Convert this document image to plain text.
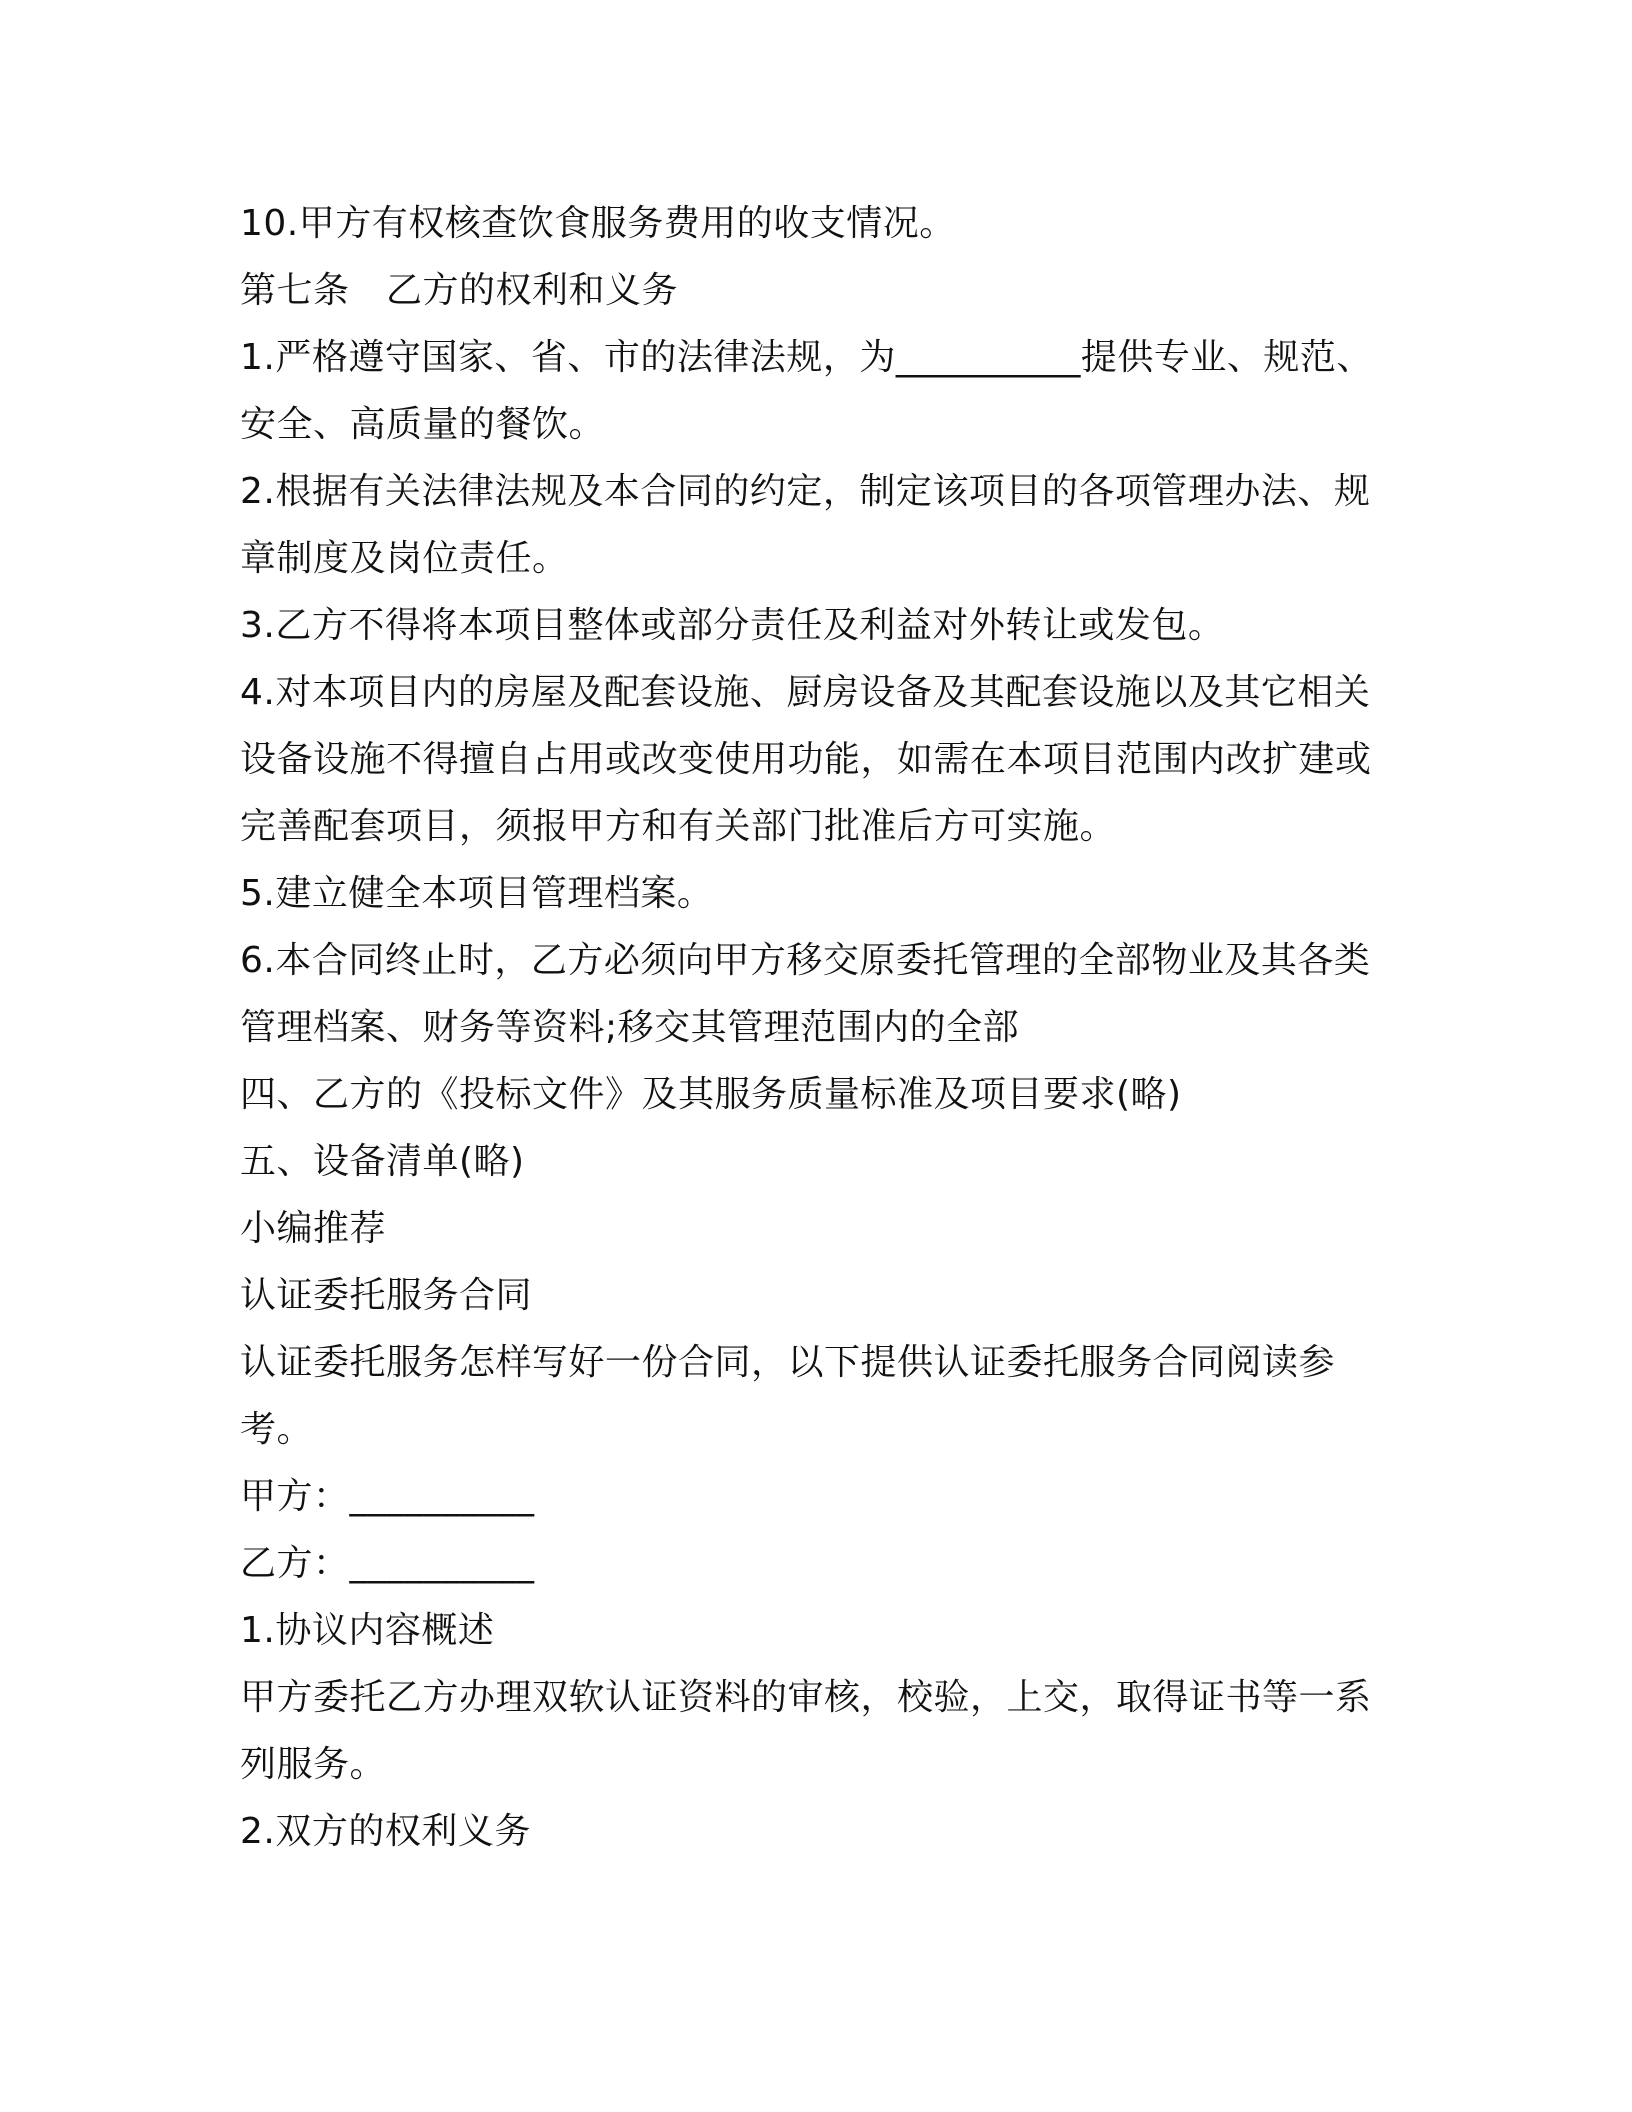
10.甲方有权核查饮食服务费用的收支情况。

第七条　乙方的权利和义务

1.严格遵守国家、省、市的法律法规，为__________提供专业、规范、安全、高质量的餐饮。

2.根据有关法律法规及本合同的约定，制定该项目的各项管理办法、规章制度及岗位责任。

3.乙方不得将本项目整体或部分责任及利益对外转让或发包。

4.对本项目内的房屋及配套设施、厨房设备及其配套设施以及其它相关设备设施不得擅自占用或改变使用功能，如需在本项目范围内改扩建或完善配套项目，须报甲方和有关部门批准后方可实施。

5.建立健全本项目管理档案。

6.本合同终止时，乙方必须向甲方移交原委托管理的全部物业及其各类管理档案、财务等资料;移交其管理范围内的全部

四、乙方的《投标文件》及其服务质量标准及项目要求(略)

五、设备清单(略)

小编推荐

认证委托服务合同

认证委托服务怎样写好一份合同，以下提供认证委托服务合同阅读参考。

甲方：__________

乙方：__________

1.协议内容概述

甲方委托乙方办理双软认证资料的审核，校验，上交，取得证书等一系列服务。

2.双方的权利义务
